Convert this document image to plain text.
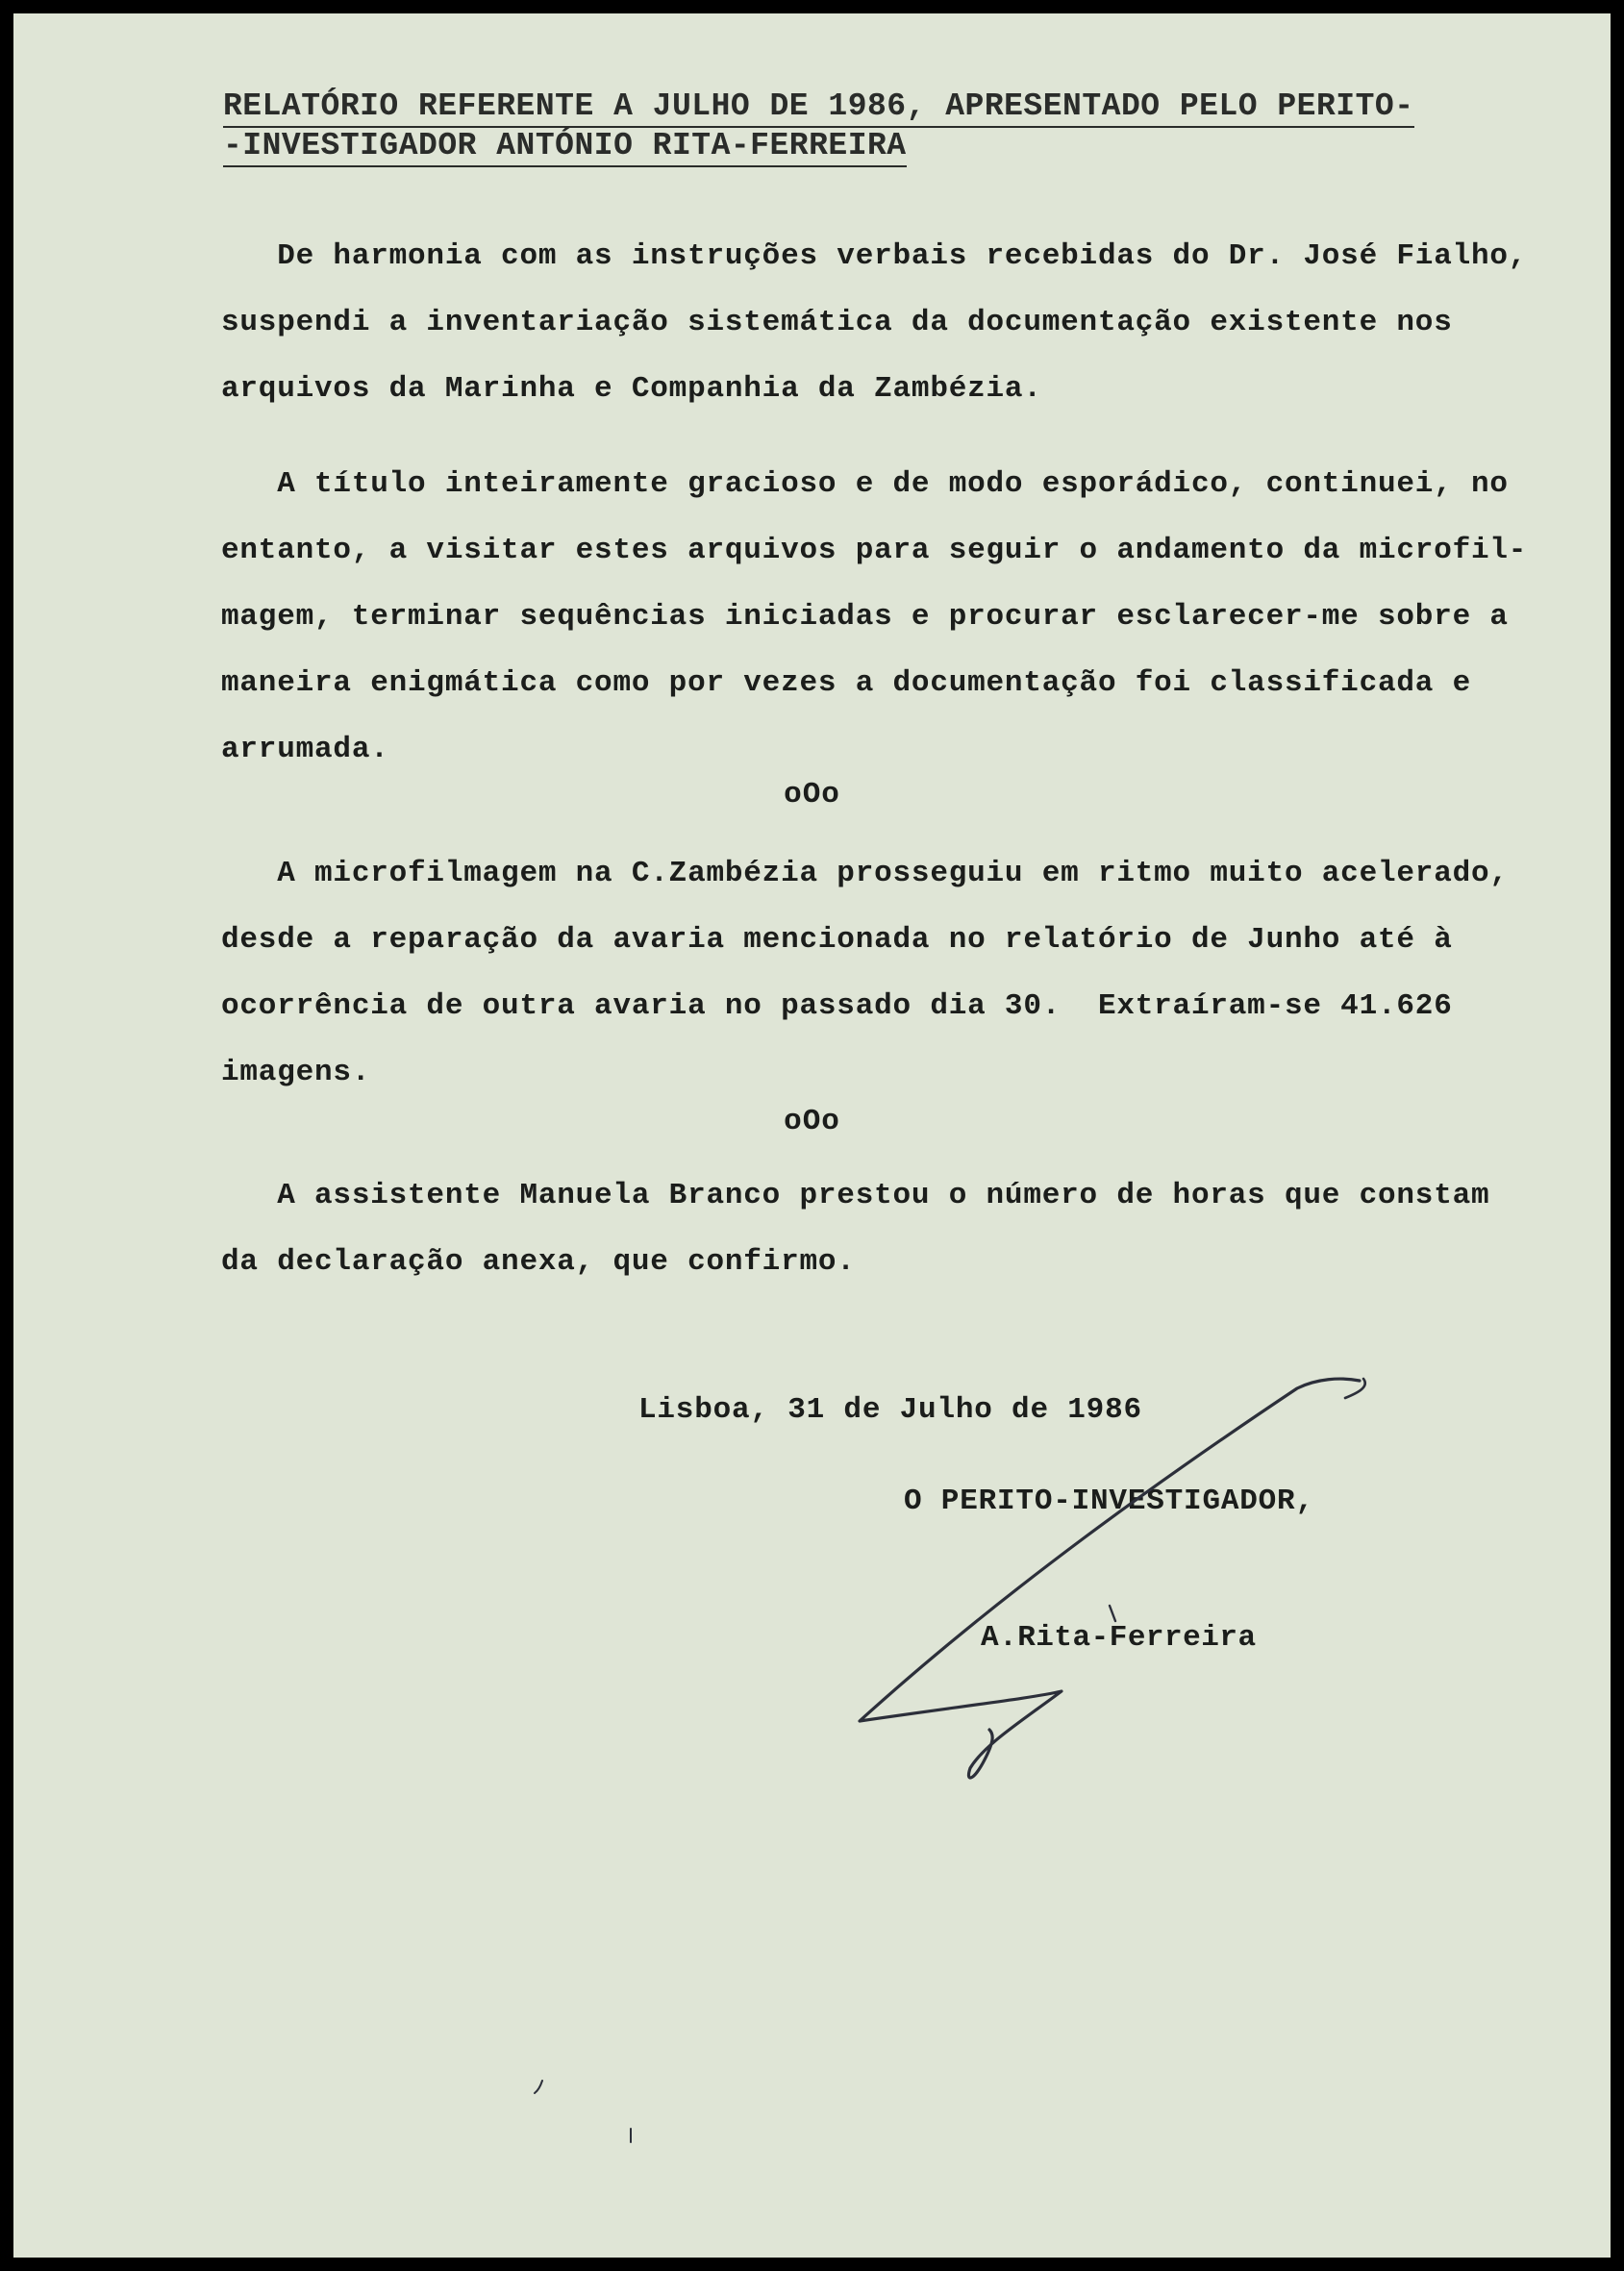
RELATÓRIO REFERENTE A JULHO DE 1986, APRESENTADO PELO PERITO-
-INVESTIGADOR ANTÓNIO RITA-FERREIRA

De harmonia com as instruções verbais recebidas do Dr. José Fialho,
suspendi a inventariação sistemática da documentação existente nos
arquivos da Marinha e Companhia da Zambézia.

A título inteiramente gracioso e de modo esporádico, continuei, no
entanto, a visitar estes arquivos para seguir o andamento da microfil-
magem, terminar sequências iniciadas e procurar esclarecer-me sobre a
maneira enigmática como por vezes a documentação foi classificada e
arrumada.

oOo

A microfilmagem na C.Zambézia prosseguiu em ritmo muito acelerado,
desde a reparação da avaria mencionada no relatório de Junho até à
ocorrência de outra avaria no passado dia 30.  Extraíram-se 41.626
imagens.

oOo

A assistente Manuela Branco prestou o número de horas que constam
da declaração anexa, que confirmo.

Lisboa, 31 de Julho de 1986
O PERITO-INVESTIGADOR,
A.Rita-Ferreira
